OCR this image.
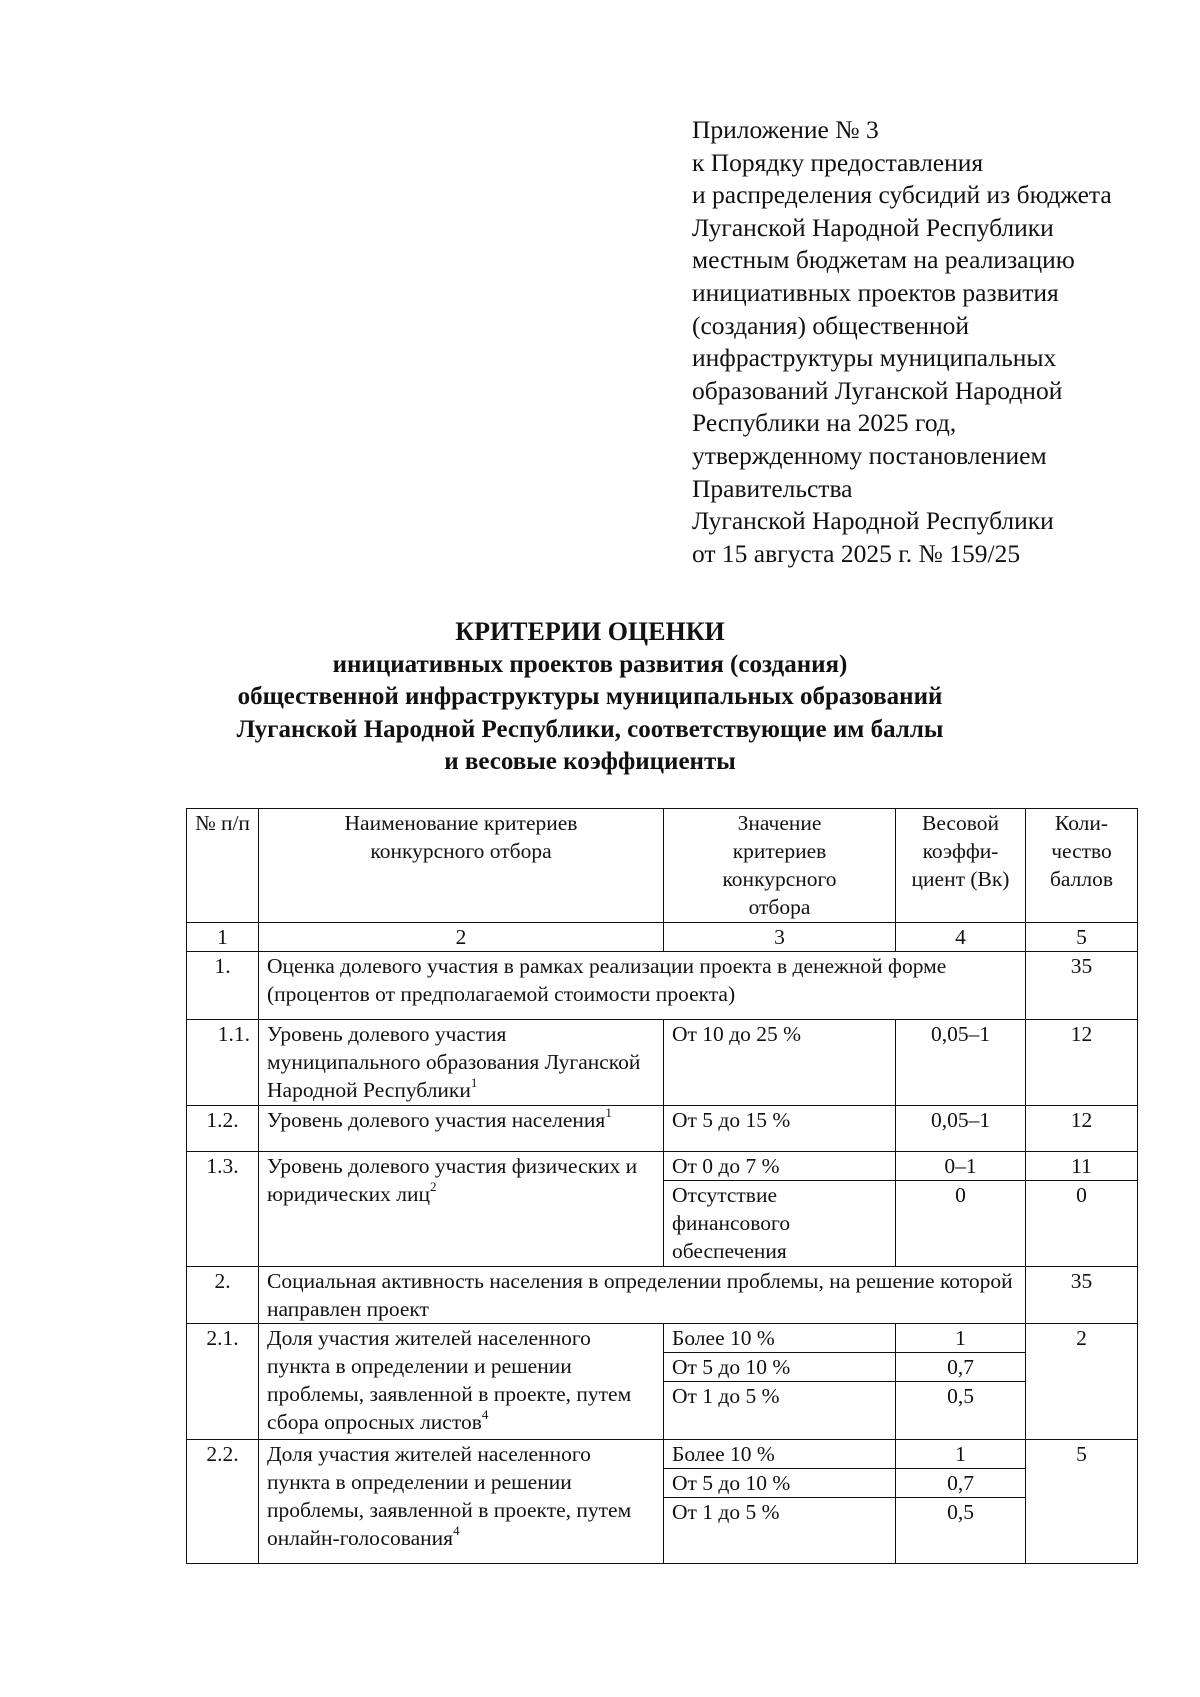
Приложение № 3
к Порядку предоставления
и распределения субсидий из бюджета
Луганской Народной Республики
местным бюджетам на реализацию
инициативных проектов развития
(создания) общественной
инфраструктуры муниципальных
образований Луганской Народной
Республики на 2025 год,
утвержденному постановлением
Правительства
Луганской Народной Республики
от 15 августа 2025 г. № 159/25
КРИТЕРИИ ОЦЕНКИ
инициативных проектов развития (создания)
общественной инфраструктуры муниципальных образований
Луганской Народной Республики, соответствующие им баллы
и весовые коэффициенты
№ п/п	Наименование критериев конкурсного отбора	Значение критериев конкурсного отбора	Весовой коэффи-циент (Вк)	Коли-чество баллов
1	2	3	4	5
1.	Оценка долевого участия в рамках реализации проекта в денежной форме (процентов от предполагаемой стоимости проекта)			35
1.1.	Уровень долевого участия муниципального образования Луганской Народной Республики$^1$	От 10 до 25 %	0,05–1	12
1.2.	Уровень долевого участия населения$^1$	От 5 до 15 %	0,05–1	12
1.3.	Уровень долевого участия физических и юридических лиц$^2$	От 0 до 7 %	0–1	11
		Отсутствие финансового обеспечения	0	0
2.	Социальная активность населения в определении проблемы, на решение которой направлен проект			35
2.1.	Доля участия жителей населенного пункта в определении и решении проблемы, заявленной в проекте, путем сбора опросных листов$^4$	Более 10 %	1	2
		От 5 до 10 %	0,7	
		От 1 до 5 %	0,5	
2.2.	Доля участия жителей населенного пункта в определении и решении проблемы, заявленной в проекте, путем онлайн-голосования$^4$	Более 10 %	1	5
		От 5 до 10 %	0,7	
		От 1 до 5 %	0,5	
